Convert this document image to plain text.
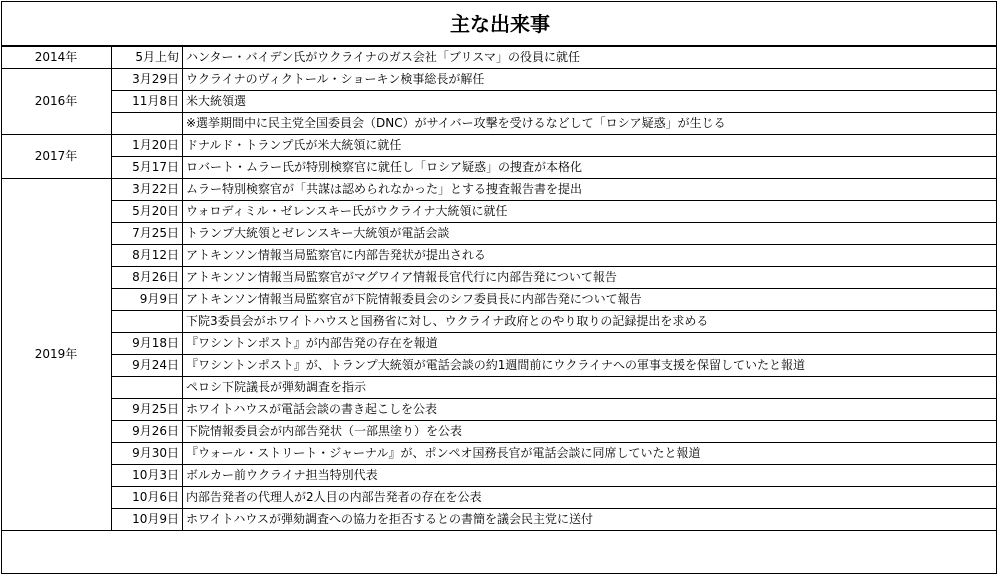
主な出来事
2014年	5月上旬	ハンター・バイデン氏がウクライナのガス会社「ブリスマ」の役員に就任
2016年	3月29日	ウクライナのヴィクトール・ショーキン検事総長が解任
	11月8日	米大統領選
		※選挙期間中に民主党全国委員会（DNC）がサイバー攻撃を受けるなどして「ロシア疑惑」が生じる
2017年	1月20日	ドナルド・トランプ氏が米大統領に就任
	5月17日	ロバート・ムラー氏が特別検察官に就任し「ロシア疑惑」の捜査が本格化
2019年	3月22日	ムラー特別検察官が「共謀は認められなかった」とする捜査報告書を提出
	5月20日	ウォロディミル・ゼレンスキー氏がウクライナ大統領に就任
	7月25日	トランプ大統領とゼレンスキー大統領が電話会談
	8月12日	アトキンソン情報当局監察官に内部告発状が提出される
	8月26日	アトキンソン情報当局監察官がマグワイア情報長官代行に内部告発について報告
	9月9日	アトキンソン情報当局監察官が下院情報委員会のシフ委員長に内部告発について報告
		下院3委員会がホワイトハウスと国務省に対し、ウクライナ政府とのやり取りの記録提出を求める
	9月18日	『ワシントンポスト』が内部告発の存在を報道
	9月24日	『ワシントンポスト』が、トランプ大統領が電話会談の約1週間前にウクライナへの軍事支援を保留していたと報道
		ペロシ下院議長が弾劾調査を指示
	9月25日	ホワイトハウスが電話会談の書き起こしを公表
	9月26日	下院情報委員会が内部告発状（一部黒塗り）を公表
	9月30日	『ウォール・ストリート・ジャーナル』が、ポンペオ国務長官が電話会談に同席していたと報道
	10月3日	ボルカー前ウクライナ担当特別代表
	10月6日	内部告発者の代理人が2人目の内部告発者の存在を公表
	10月9日	ホワイトハウスが弾劾調査への協力を拒否するとの書簡を議会民主党に送付
